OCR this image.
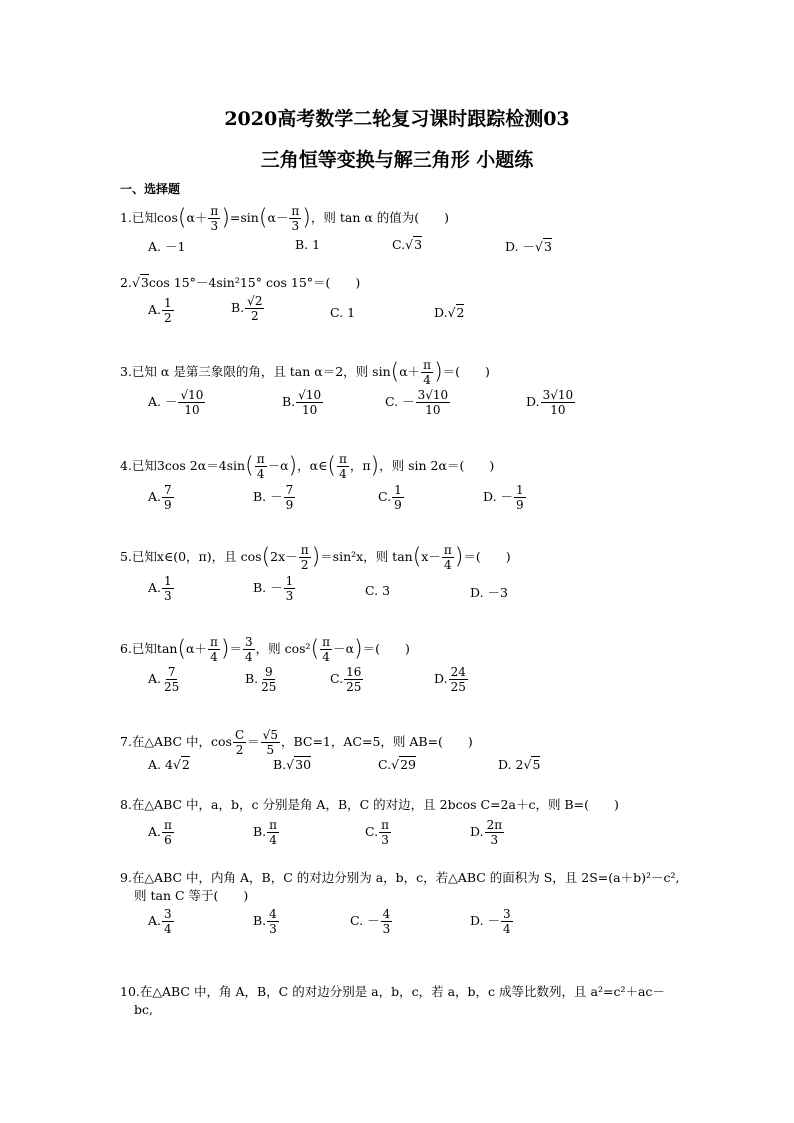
2020高考数学二轮复习课时跟踪检测03
三角恒等变换与解三角形 小题练
一、选择题
1.已知$\cos(\alpha+ \frac{\pi}{3} )=\sin(\alpha- \frac{\pi}{3}$ )，则 tan α 的值为(　　)
A. －1	B. 1	C.√3	D. －√3
2.√3cos 15°－4sin²15° cos 15°＝(　　)
A. $\frac{1}{2}$	B. $\frac{√2}{2}$	C. 1	D.√2
3.已知 α 是第三象限的角，且 tan α＝2，则 $\sin(\alpha+ \frac{\pi}{4}$ )＝(　　)
A. － $\frac{√10}{10}$	B. $\frac{√10}{10}$	C. － $\frac{3√10}{10}$	D. $\frac{3√10}{10}$
4.已知3cos $2\alpha=4\sin( \frac{\pi}{4} -\alpha)$，α∈( $\frac{\pi}{4}$ ，π)，则 sin 2α＝(　　)
A. $\frac{7}{9}$	B. － $\frac{7}{9}$	C. $\frac{1}{9}$	D. － $\frac{1}{9}$
5.已知x∈(0，π)，且 $\cos(2x- \frac{\pi}{2} )=\sin^2x$，则 $\tan(x- \frac{\pi}{4}$ )＝(　　)
A. $\frac{1}{3}$	B. － $\frac{1}{3}$	C. 3	D. －3
6.已知$\tan(\alpha+ \frac{\pi}{4}$ )＝ $\frac{3}{4}$ ，则 $\cos^2( \frac{\pi}{4} -\alpha)=$(　　)
A. $\frac{7}{25}$	B. $\frac{9}{25}$	C. $\frac{16}{25}$	D. $\frac{24}{25}$
7.在△ABC 中，$\cos \frac{C}{2} = \frac{√5}{5}$ ，BC=1，AC=5，则 AB=(　　)
A. 4√2	B.√30	C.√29	D. 2√5
8.在△ABC 中，a，b，c 分别是角 A，B，C 的对边，且 2bcos C=2a＋c，则 B=(　　)
A. $\frac{\pi}{6}$	B. $\frac{\pi}{4}$	C. $\frac{\pi}{3}$	D. $\frac{2\pi}{3}$
9.在△ABC 中，内角 A，B，C 的对边分别为 a，b，c，若△ABC 的面积为 S，且 2S=(a＋b)²－c²,
则 tan C 等于(　　)
A. $\frac{3}{4}$	B. $\frac{4}{3}$	C. － $\frac{4}{3}$	D. － $\frac{3}{4}$
10.在△ABC 中，角 A，B，C 的对边分别是 a，b，c，若 a，b，c 成等比数列，且 a²=c²＋ac－
bc,
